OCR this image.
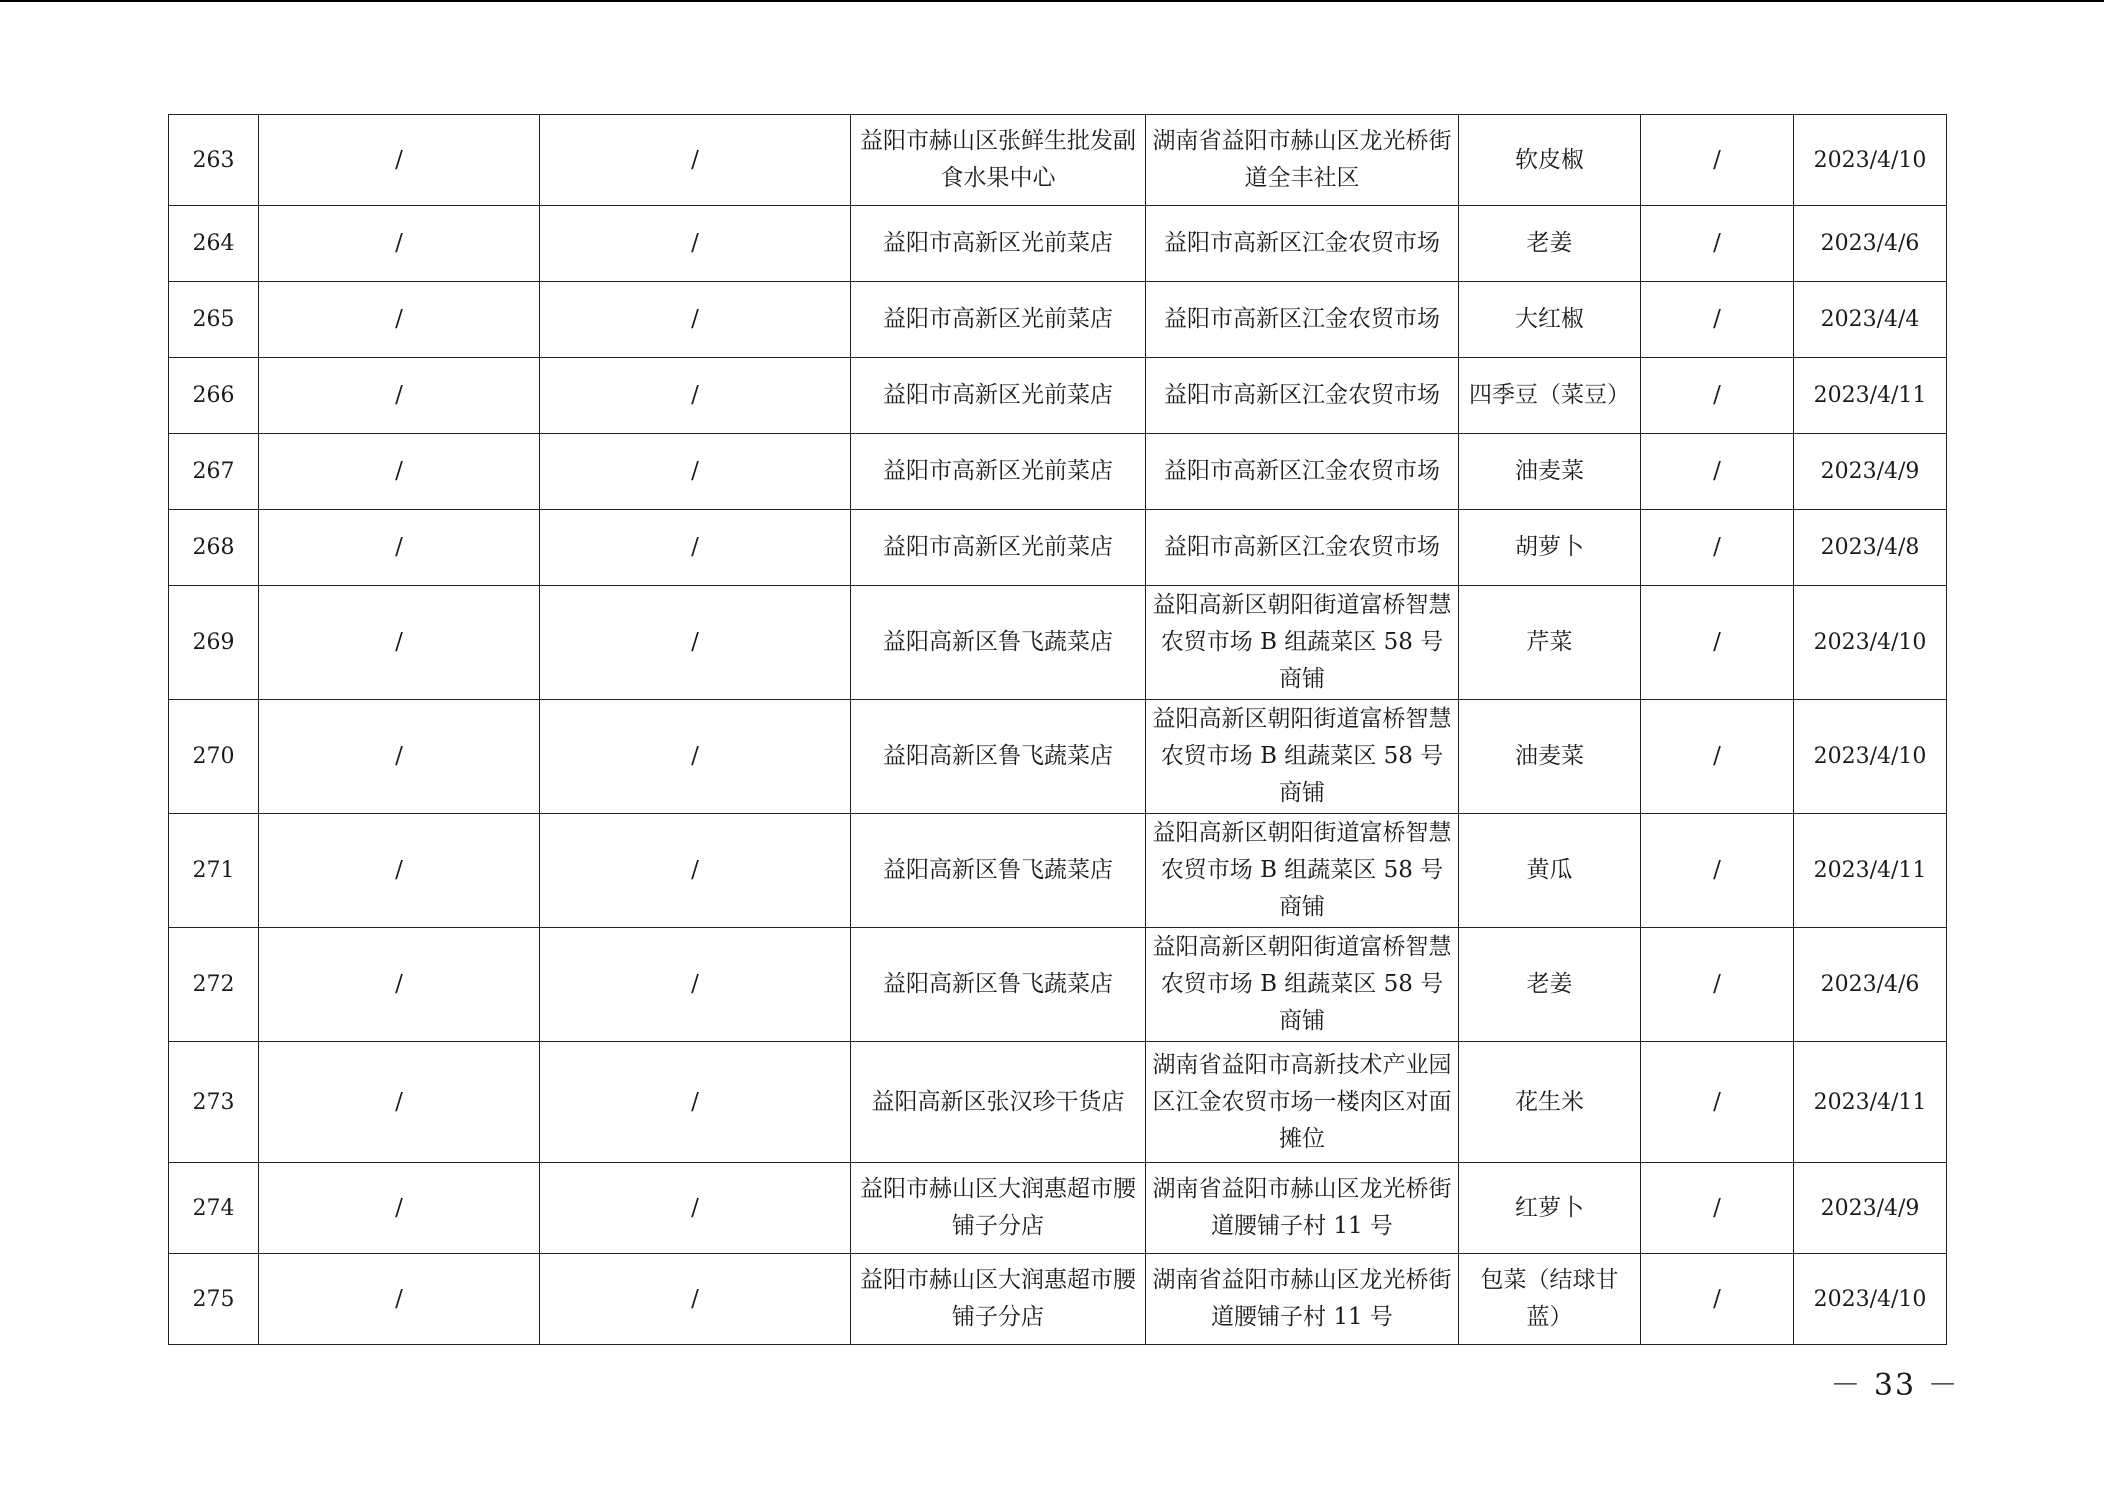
263	/	/	益阳市赫山区张鲜生批发副食水果中心	湖南省益阳市赫山区龙光桥街道全丰社区	软皮椒	/	2023/4/10
264	/	/	益阳市高新区光前菜店	益阳市高新区江金农贸市场	老姜	/	2023/4/6
265	/	/	益阳市高新区光前菜店	益阳市高新区江金农贸市场	大红椒	/	2023/4/4
266	/	/	益阳市高新区光前菜店	益阳市高新区江金农贸市场	四季豆（菜豆）	/	2023/4/11
267	/	/	益阳市高新区光前菜店	益阳市高新区江金农贸市场	油麦菜	/	2023/4/9
268	/	/	益阳市高新区光前菜店	益阳市高新区江金农贸市场	胡萝卜	/	2023/4/8
269	/	/	益阳高新区鲁飞蔬菜店	益阳高新区朝阳街道富桥智慧农贸市场 B 组蔬菜区 58 号商铺	芹菜	/	2023/4/10
270	/	/	益阳高新区鲁飞蔬菜店	益阳高新区朝阳街道富桥智慧农贸市场 B 组蔬菜区 58 号商铺	油麦菜	/	2023/4/10
271	/	/	益阳高新区鲁飞蔬菜店	益阳高新区朝阳街道富桥智慧农贸市场 B 组蔬菜区 58 号商铺	黄瓜	/	2023/4/11
272	/	/	益阳高新区鲁飞蔬菜店	益阳高新区朝阳街道富桥智慧农贸市场 B 组蔬菜区 58 号商铺	老姜	/	2023/4/6
273	/	/	益阳高新区张汉珍干货店	湖南省益阳市高新技术产业园区江金农贸市场一楼肉区对面摊位	花生米	/	2023/4/11
274	/	/	益阳市赫山区大润惠超市腰铺子分店	湖南省益阳市赫山区龙光桥街道腰铺子村 11 号	红萝卜	/	2023/4/9
275	/	/	益阳市赫山区大润惠超市腰铺子分店	湖南省益阳市赫山区龙光桥街道腰铺子村 11 号	包菜（结球甘蓝）	/	2023/4/10
－ 33 －
